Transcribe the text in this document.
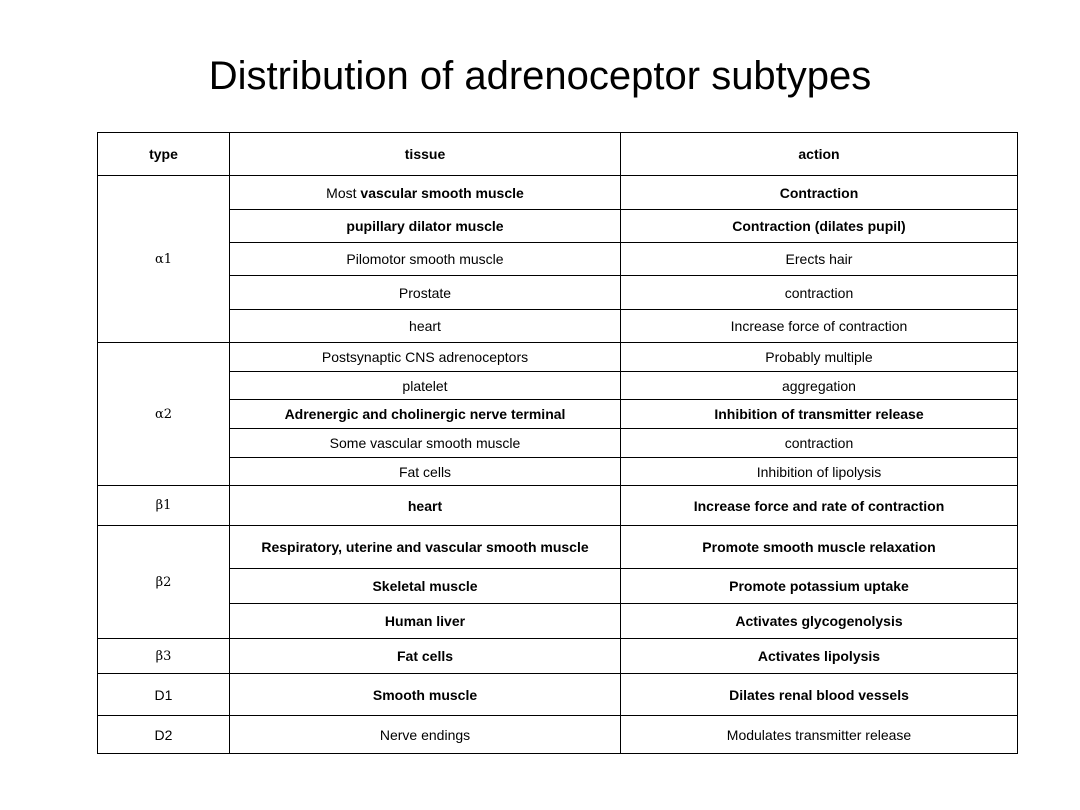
Distribution of adrenoceptor subtypes
type	tissue	action
α1	Most vascular smooth muscle	Contraction
	pupillary dilator muscle	Contraction (dilates pupil)
	Pilomotor smooth muscle	Erects hair
	Prostate	contraction
	heart	Increase force of contraction
α2	Postsynaptic CNS adrenoceptors	Probably multiple
	platelet	aggregation
	Adrenergic and cholinergic nerve terminal	Inhibition of transmitter release
	Some vascular smooth muscle	contraction
	Fat cells	Inhibition of lipolysis
β1	heart	Increase force and rate of contraction
β2	Respiratory, uterine and vascular smooth muscle	Promote smooth muscle relaxation
	Skeletal muscle	Promote potassium uptake
	Human liver	Activates glycogenolysis
β3	Fat cells	Activates lipolysis
D1	Smooth muscle	Dilates renal blood vessels
D2	Nerve endings	Modulates transmitter release
